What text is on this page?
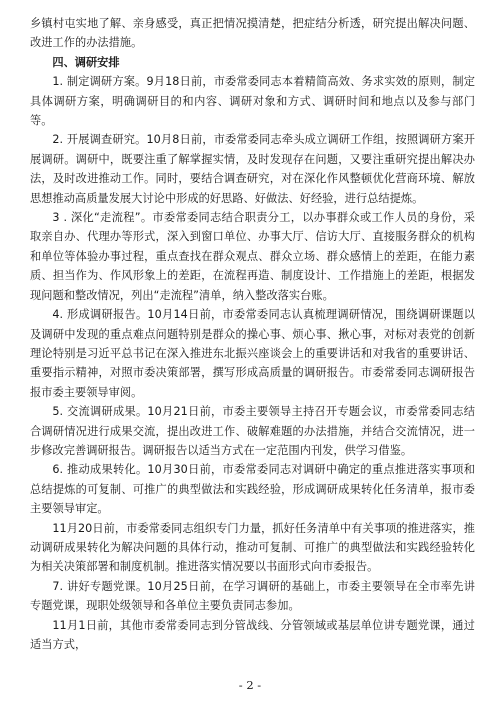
乡镇村屯实地了解、亲身感受，真正把情况摸清楚，把症结分析透，研究提出解决问题、改进工作的办法措施。

四、调研安排

1. 制定调研方案。9月18日前，市委常委同志本着精简高效、务求实效的原则，制定具体调研方案，明确调研目的和内容、调研对象和方式、调研时间和地点以及参与部门等。

2. 开展调查研究。10月8日前，市委常委同志牵头成立调研工作组，按照调研方案开展调研。调研中，既要注重了解掌握实情，及时发现存在问题，又要注重研究提出解决办法，及时改进推动工作。同时，要结合调查研究，对在深化作风整顿优化营商环境、解放思想推动高质量发展大讨论中形成的好思路、好做法、好经验，进行总结提炼。

3 . 深化“走流程”。市委常委同志结合职责分工，以办事群众或工作人员的身份，采取亲自办、代理办等形式，深入到窗口单位、办事大厅、信访大厅、直接服务群众的机构和单位等体验办事过程，重点查找在群众观点、群众立场、群众感情上的差距，在能力素质、担当作为、作风形象上的差距，在流程再造、制度设计、工作措施上的差距，根据发现问题和整改情况，列出“走流程”清单，纳入整改落实台账。

4. 形成调研报告。10月14日前，市委常委同志认真梳理调研情况，围绕调研课题以及调研中发现的重点难点问题特别是群众的操心事、烦心事、揪心事，对标对表党的创新理论特别是习近平总书记在深入推进东北振兴座谈会上的重要讲话和对我省的重要讲话、重要指示精神，对照市委决策部署，撰写形成高质量的调研报告。市委常委同志调研报告报市委主要领导审阅。

5. 交流调研成果。10月21日前，市委主要领导主持召开专题会议，市委常委同志结合调研情况进行成果交流，提出改进工作、破解难题的办法措施，并结合交流情况，进一步修改完善调研报告。调研报告以适当方式在一定范围内刊发，供学习借鉴。

6. 推动成果转化。10月30日前，市委常委同志对调研中确定的重点推进落实事项和总结提炼的可复制、可推广的典型做法和实践经验，形成调研成果转化任务清单，报市委主要领导审定。

11月20日前，市委常委同志组织专门力量，抓好任务清单中有关事项的推进落实，推动调研成果转化为解决问题的具体行动，推动可复制、可推广的典型做法和实践经验转化为相关决策部署和制度机制。推进落实情况要以书面形式向市委报告。

7. 讲好专题党课。10月25日前，在学习调研的基础上，市委主要领导在全市率先讲专题党课，现职处级领导和各单位主要负责同志参加。

11月1日前，其他市委常委同志到分管战线、分管领域或基层单位讲专题党课，通过适当方式，

- 2 -
